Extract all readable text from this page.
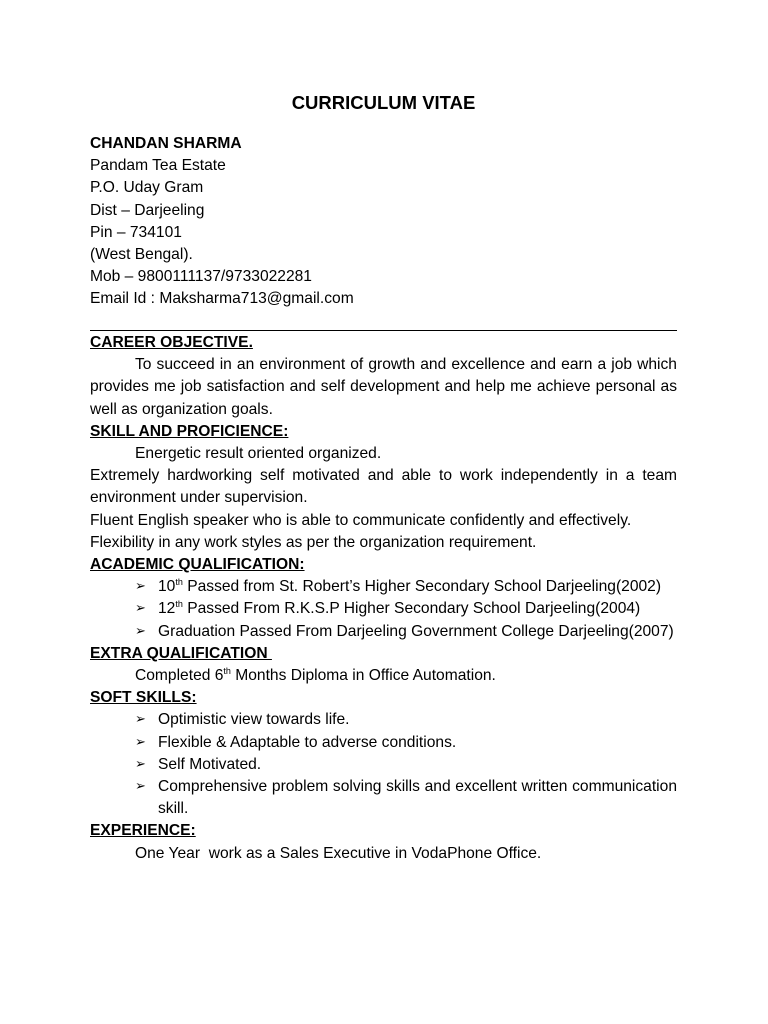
CURRICULUM VITAE
CHANDAN SHARMA
Pandam Tea Estate
P.O. Uday Gram
Dist – Darjeeling
Pin – 734101
(West Bengal).
Mob – 9800111137/9733022281
Email Id : Maksharma713@gmail.com
CAREER OBJECTIVE.
To succeed in an environment of growth and excellence and earn a job which provides me job satisfaction and self development and help me achieve personal as well as organization goals.
SKILL AND PROFICIENCE:
Energetic result oriented organized.
Extremely hardworking self motivated and able to work independently in a team environment under supervision.
Fluent English speaker who is able to communicate confidently and effectively.
Flexibility in any work styles as per the organization requirement.
ACADEMIC QUALIFICATION:
➢ 10th Passed from St. Robert’s Higher Secondary School Darjeeling(2002)
➢ 12th Passed From R.K.S.P Higher Secondary School Darjeeling(2004)
➢ Graduation Passed From Darjeeling Government College Darjeeling(2007)
EXTRA QUALIFICATION
Completed 6th Months Diploma in Office Automation.
SOFT SKILLS:
➢ Optimistic view towards life.
➢ Flexible & Adaptable to adverse conditions.
➢ Self Motivated.
➢ Comprehensive problem solving skills and excellent written communication skill.
EXPERIENCE:
One Year  work as a Sales Executive in VodaPhone Office.
